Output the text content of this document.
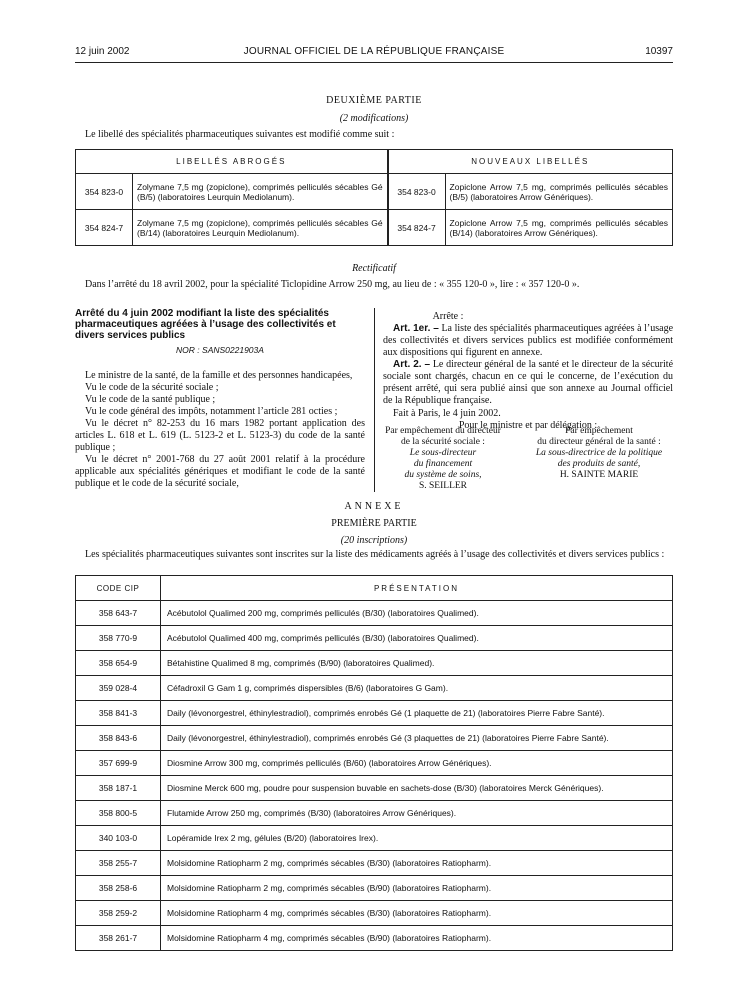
12 juin 2002	JOURNAL OFFICIEL DE LA RÉPUBLIQUE FRANÇAISE	10397
DEUXIÈME PARTIE
(2 modifications)
Le libellé des spécialités pharmaceutiques suivantes est modifié comme suit :
LIBELLÉS ABROGÉS		NOUVEAUX LIBELLÉS	
354 823-0	Zolymane 7,5 mg (zopiclone), comprimés pelliculés sécables Gé (B/5) (laboratoires Leurquin Mediolanum).	354 823-0	Zopiclone Arrow 7,5 mg, comprimés pelliculés sécables (B/5) (laboratoires Arrow Génériques).
354 824-7	Zolymane 7,5 mg (zopiclone), comprimés pelliculés sécables Gé (B/14) (laboratoires Leurquin Mediolanum).	354 824-7	Zopiclone Arrow 7,5 mg, comprimés pelliculés sécables (B/14) (laboratoires Arrow Génériques).
Rectificatif
Dans l’arrêté du 18 avril 2002, pour la spécialité Ticlopidine Arrow 250 mg, au lieu de : « 355 120-0 », lire : « 357 120-0 ».
Arrêté du 4 juin 2002 modifiant la liste des spécialités pharmaceutiques agréées à l’usage des collectivités et divers services publics
NOR : SANS0221903A
Le ministre de la santé, de la famille et des personnes handicapées,
Vu le code de la sécurité sociale ;
Vu le code de la santé publique ;
Vu le code général des impôts, notamment l’article 281 octies ;
Vu le décret n° 82-253 du 16 mars 1982 portant application des articles L. 618 et L. 619 (L. 5123-2 et L. 5123-3) du code de la santé publique ;
Vu le décret n° 2001-768 du 27 août 2001 relatif à la procédure applicable aux spécialités génériques et modifiant le code de la santé publique et le code de la sécurité sociale,
Arrête :
Art. 1er. – La liste des spécialités pharmaceutiques agréées à l’usage des collectivités et divers services publics est modifiée conformément aux dispositions qui figurent en annexe.
Art. 2. – Le directeur général de la santé et le directeur de la sécurité sociale sont chargés, chacun en ce qui le concerne, de l’exécution du présent arrêté, qui sera publié ainsi que son annexe au Journal officiel de la République française.
Fait à Paris, le 4 juin 2002.
Pour le ministre et par délégation :
Par empêchement du directeur
de la sécurité sociale :
Le sous-directeur
du financement
du système de soins,
S. SEILLER
Par empêchement
du directeur général de la santé :
La sous-directrice de la politique
des produits de santé,
H. SAINTE MARIE
ANNEXE
PREMIÈRE PARTIE
(20 inscriptions)
Les spécialités pharmaceutiques suivantes sont inscrites sur la liste des médicaments agréés à l’usage des collectivités et divers services publics :
CODE CIP	PRÉSENTATION
358 643-7	Acébutolol Qualimed 200 mg, comprimés pelliculés (B/30) (laboratoires Qualimed).
358 770-9	Acébutolol Qualimed 400 mg, comprimés pelliculés (B/30) (laboratoires Qualimed).
358 654-9	Bétahistine Qualimed 8 mg, comprimés (B/90) (laboratoires Qualimed).
359 028-4	Céfadroxil G Gam 1 g, comprimés dispersibles (B/6) (laboratoires G Gam).
358 841-3	Daily (lévonorgestrel, éthinylestradiol), comprimés enrobés Gé (1 plaquette de 21) (laboratoires Pierre Fabre Santé).
358 843-6	Daily (lévonorgestrel, éthinylestradiol), comprimés enrobés Gé (3 plaquettes de 21) (laboratoires Pierre Fabre Santé).
357 699-9	Diosmine Arrow 300 mg, comprimés pelliculés (B/60) (laboratoires Arrow Génériques).
358 187-1	Diosmine Merck 600 mg, poudre pour suspension buvable en sachets-dose (B/30) (laboratoires Merck Génériques).
358 800-5	Flutamide Arrow 250 mg, comprimés (B/30) (laboratoires Arrow Génériques).
340 103-0	Lopéramide Irex 2 mg, gélules (B/20) (laboratoires Irex).
358 255-7	Molsidomine Ratiopharm 2 mg, comprimés sécables (B/30) (laboratoires Ratiopharm).
358 258-6	Molsidomine Ratiopharm 2 mg, comprimés sécables (B/90) (laboratoires Ratiopharm).
358 259-2	Molsidomine Ratiopharm 4 mg, comprimés sécables (B/30) (laboratoires Ratiopharm).
358 261-7	Molsidomine Ratiopharm 4 mg, comprimés sécables (B/90) (laboratoires Ratiopharm).
